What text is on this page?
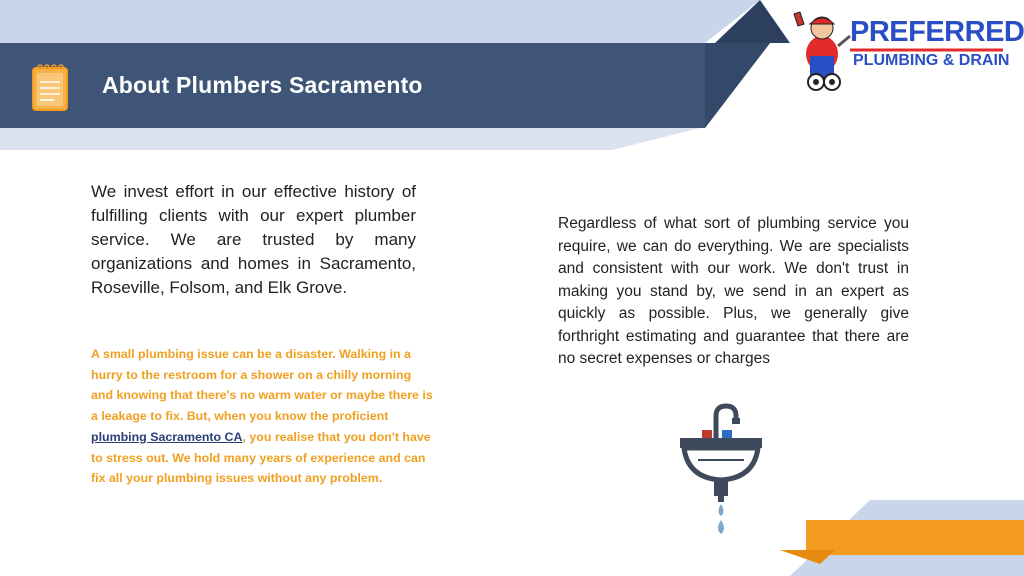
About Plumbers Sacramento
PREFERRED
PLUMBING & DRAIN

We invest effort in our effective history of fulfilling clients with our expert plumber service. We are trusted by many organizations and homes in Sacramento, Roseville, Folsom, and Elk Grove.

A small plumbing issue can be a disaster. Walking in a hurry to the restroom for a shower on a chilly morning and knowing that there's no warm water or maybe there is a leakage to fix. But, when you know the proficient plumbing Sacramento CA, you realise that you don't have to stress out. We hold many years of experience and can fix all your plumbing issues without any problem.

Regardless of what sort of plumbing service you require, we can do everything. We are specialists and consistent with our work. We don't trust in making you stand by, we send in an expert as quickly as possible. Plus, we generally give forthright estimating and guarantee that there are no secret expenses or charges
